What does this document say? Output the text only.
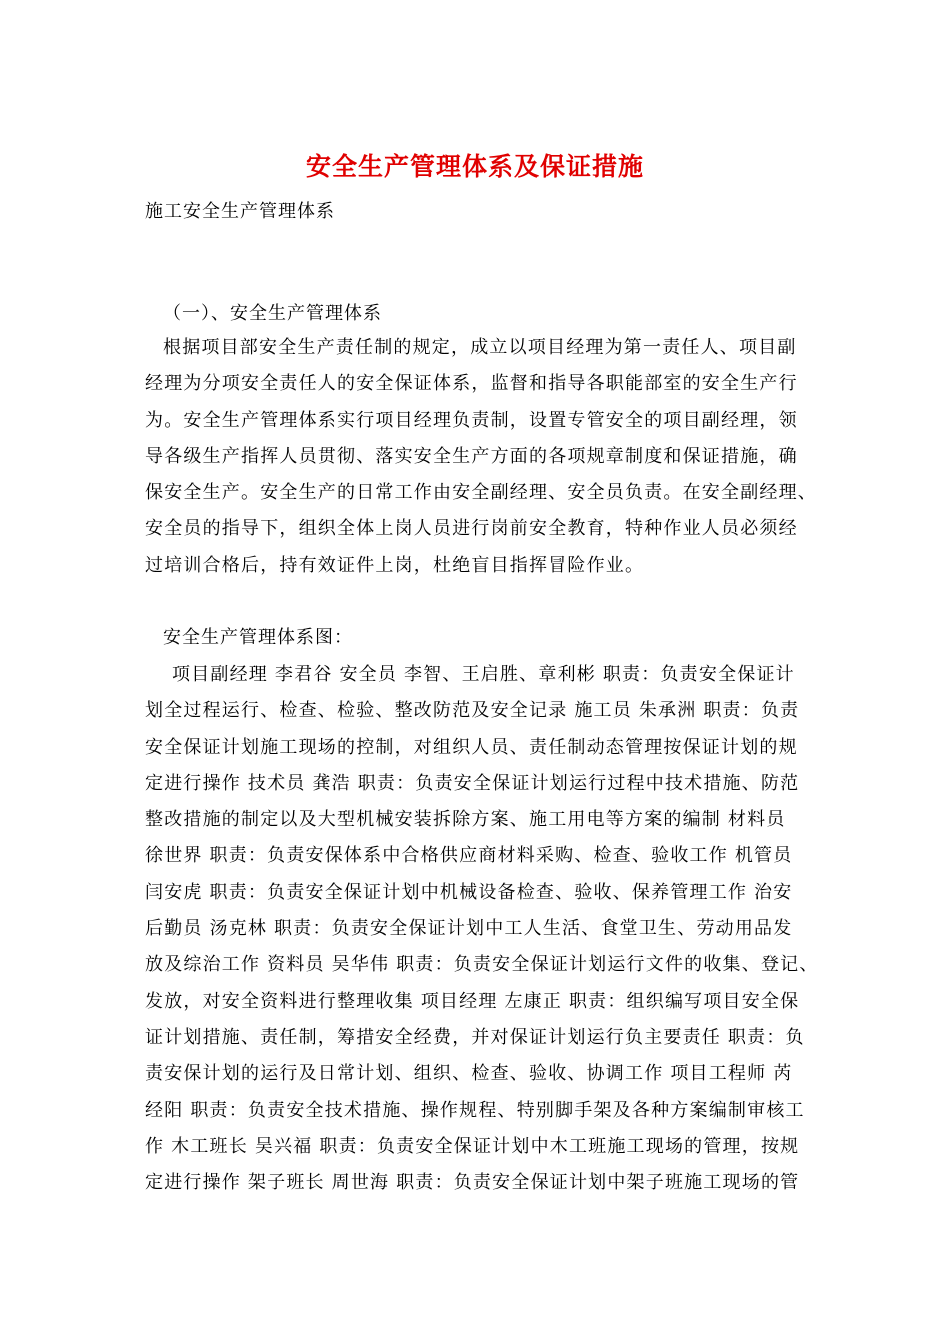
安全生产管理体系及保证措施
施工安全生产管理体系
（一）、安全生产管理体系
根据项目部安全生产责任制的规定，成立以项目经理为第一责任人、项目副
经理为分项安全责任人的安全保证体系，监督和指导各职能部室的安全生产行
为。安全生产管理体系实行项目经理负责制，设置专管安全的项目副经理，领
导各级生产指挥人员贯彻、落实安全生产方面的各项规章制度和保证措施，确
保安全生产。安全生产的日常工作由安全副经理、安全员负责。在安全副经理、
安全员的指导下，组织全体上岗人员进行岗前安全教育，特种作业人员必须经
过培训合格后，持有效证件上岗，杜绝盲目指挥冒险作业。
安全生产管理体系图：
项目副经理 李君谷 安全员 李智、王启胜、章利彬 职责：负责安全保证计
划全过程运行、检查、检验、整改防范及安全记录 施工员 朱承洲 职责：负责
安全保证计划施工现场的控制，对组织人员、责任制动态管理按保证计划的规
定进行操作 技术员 龚浩 职责：负责安全保证计划运行过程中技术措施、防范
整改措施的制定以及大型机械安装拆除方案、施工用电等方案的编制 材料员
徐世界 职责：负责安保体系中合格供应商材料采购、检查、验收工作 机管员
闫安虎 职责：负责安全保证计划中机械设备检查、验收、保养管理工作 治安
后勤员 汤克林 职责：负责安全保证计划中工人生活、食堂卫生、劳动用品发
放及综治工作 资料员 吴华伟 职责：负责安全保证计划运行文件的收集、登记、
发放，对安全资料进行整理收集 项目经理 左康正 职责：组织编写项目安全保
证计划措施、责任制，筹措安全经费，并对保证计划运行负主要责任 职责：负
责安保计划的运行及日常计划、组织、检查、验收、协调工作 项目工程师 芮
经阳 职责：负责安全技术措施、操作规程、特别脚手架及各种方案编制审核工
作 木工班长 吴兴福 职责：负责安全保证计划中木工班施工现场的管理，按规
定进行操作 架子班长 周世海 职责：负责安全保证计划中架子班施工现场的管
